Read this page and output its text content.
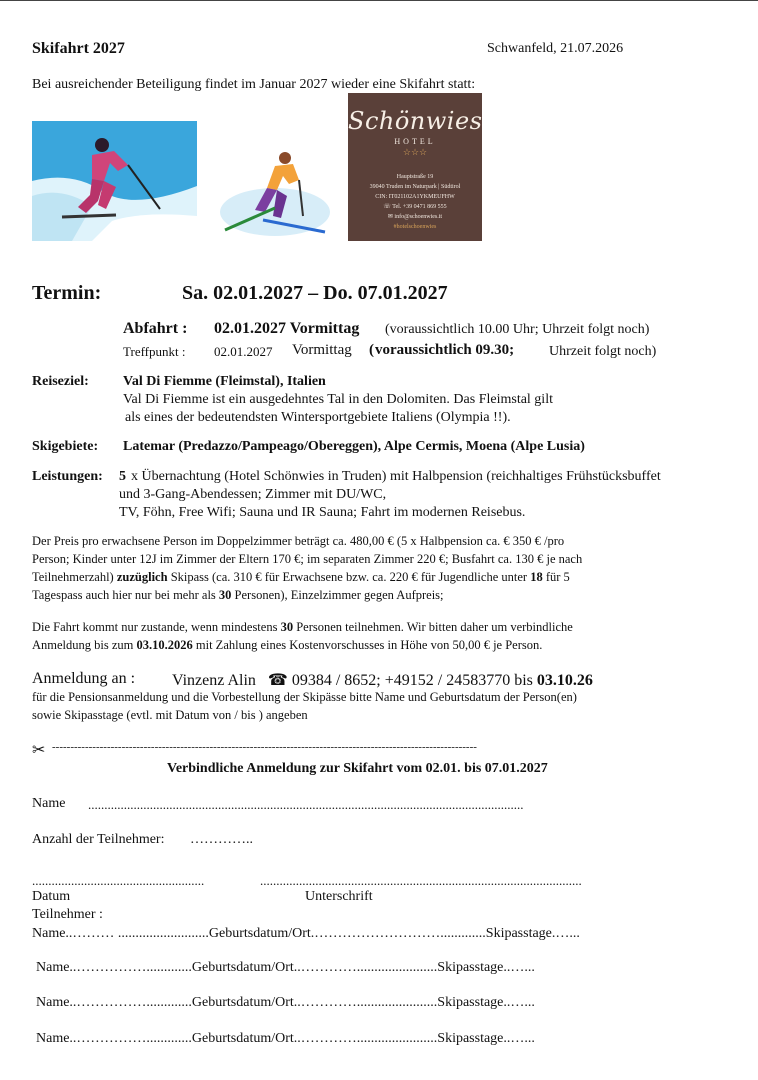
Skifahrt 2027	Schwanfeld, 21.07.2026
Bei ausreichender Beteiligung findet im Januar 2027 wieder eine Skifahrt statt:
Schönwies
HOTEL
☆☆☆
Hauptstraße 19
39040 Truden im Naturpark | Südtirol
CIN: IT021102A1YKMEUFHW
☏ Tel. +39 0471 869 555
✉ info@schoenwies.it
#hotelschoenwies
Termin:	Sa. 02.01.2027 – Do. 07.01.2027
Abfahrt : 02.01.2027 Vormittag (voraussichtlich 10.00 Uhr; Uhrzeit folgt noch)
Treffpunkt : 02.01.2027 Vormittag ( voraussichtlich 09.30; Uhrzeit folgt noch)
Reiseziel: Val Di Fiemme (Fleimstal), Italien
Val Di Fiemme ist ein ausgedehntes Tal in den Dolomiten. Das Fleimstal gilt
als eines der bedeutendsten Wintersportgebiete Italiens (Olympia !!).
Skigebiete: Latemar (Predazzo/Pampeago/Obereggen), Alpe Cermis, Moena (Alpe Lusia)
Leistungen: 5 x Übernachtung (Hotel Schönwies in Truden) mit Halbpension (reichhaltiges Frühstücksbuffet
und 3-Gang-Abendessen; Zimmer mit DU/WC,
TV, Föhn, Free Wifi; Sauna und IR Sauna; Fahrt im modernen Reisebus.
Der Preis pro erwachsene Person im Doppelzimmer beträgt ca. 480,00 € (5 x Halbpension ca. € 350 € /pro
Person; Kinder unter 12J im Zimmer der Eltern 170 €; im separaten Zimmer 220 €; Busfahrt ca. 130 € je nach
Teilnehmerzahl) zuzüglich Skipass (ca. 310 € für Erwachsene bzw. ca. 220 € für Jugendliche unter 18 für 5
Tagespass auch hier nur bei mehr als 30 Personen), Einzelzimmer gegen Aufpreis;
Die Fahrt kommt nur zustande, wenn mindestens 30 Personen teilnehmen. Wir bitten daher um verbindliche
Anmeldung bis zum 03.10.2026 mit Zahlung eines Kostenvorschusses in Höhe von 50,00 € je Person.
Anmeldung an : Vinzenz Alin ☎ 09384 / 8652; +49152 / 24583770 bis 03.10.26
für die Pensionsanmeldung und die Vorbestellung der Skipässe bitte Name und Geburtsdatum der Person(en)
sowie Skipasstage (evtl. mit Datum von / bis ) angeben
✂ --------------------------------------------------------------------------------------------------------------------
Verbindliche Anmeldung zur Skifahrt vom 02.01. bis 07.01.2027
Name ......................................................................................................................................
Anzahl der Teilnehmer: …………..
.....................................................	...................................................................................................
Datum	Unterschrift
Teilnehmer :
Name..……… ..........................Geburtsdatum/Ort.……………………….............Skipasstage.…...
Name..…………….............Geburtsdatum/Ort..………….......................Skipasstage..…...
Name..…………….............Geburtsdatum/Ort..………….......................Skipasstage..…...
Name..…………….............Geburtsdatum/Ort..………….......................Skipasstage..…...
